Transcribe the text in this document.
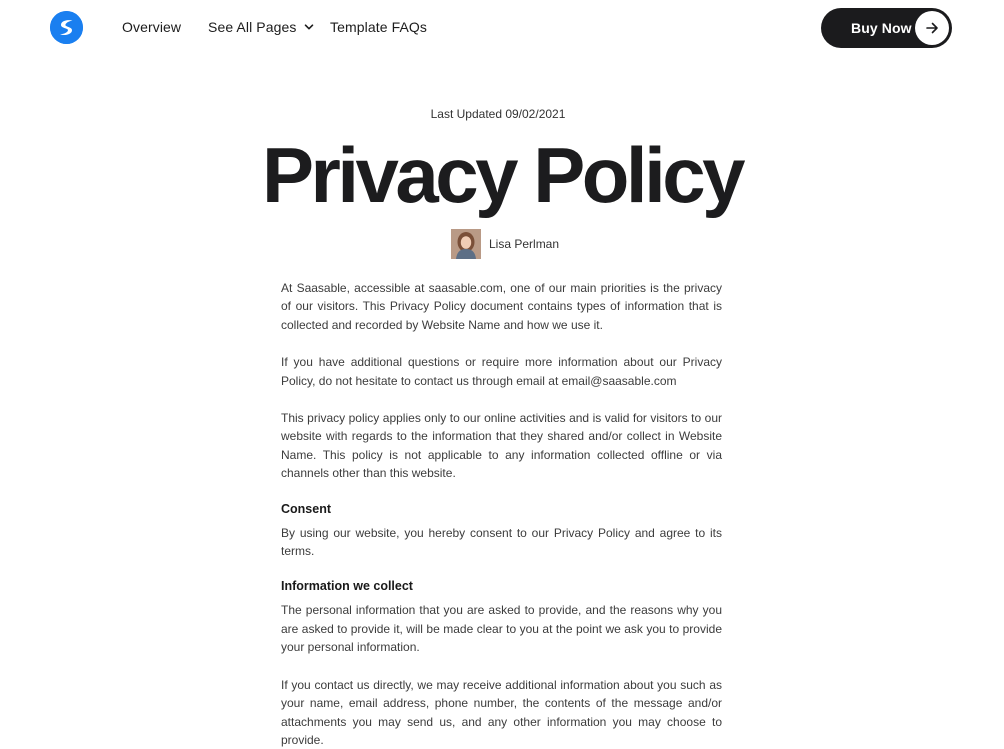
Overview See All Pages Template FAQs	Buy Now
Last Updated 09/02/2021
Privacy Policy
Lisa Perlman

At Saasable, accessible at saasable.com, one of our main priorities is the privacy of our visitors. This Privacy Policy document contains types of information that is collected and recorded by Website Name and how we use it.

If you have additional questions or require more information about our Privacy Policy, do not hesitate to contact us through email at email@saasable.com

This privacy policy applies only to our online activities and is valid for visitors to our website with regards to the information that they shared and/or collect in Website Name. This policy is not applicable to any information collected offline or via channels other than this website.

Consent

By using our website, you hereby consent to our Privacy Policy and agree to its terms.

Information we collect

The personal information that you are asked to provide, and the reasons why you are asked to provide it, will be made clear to you at the point we ask you to provide your personal information.

If you contact us directly, we may receive additional information about you such as your name, email address, phone number, the contents of the message and/or attachments you may send us, and any other information you may choose to provide.
